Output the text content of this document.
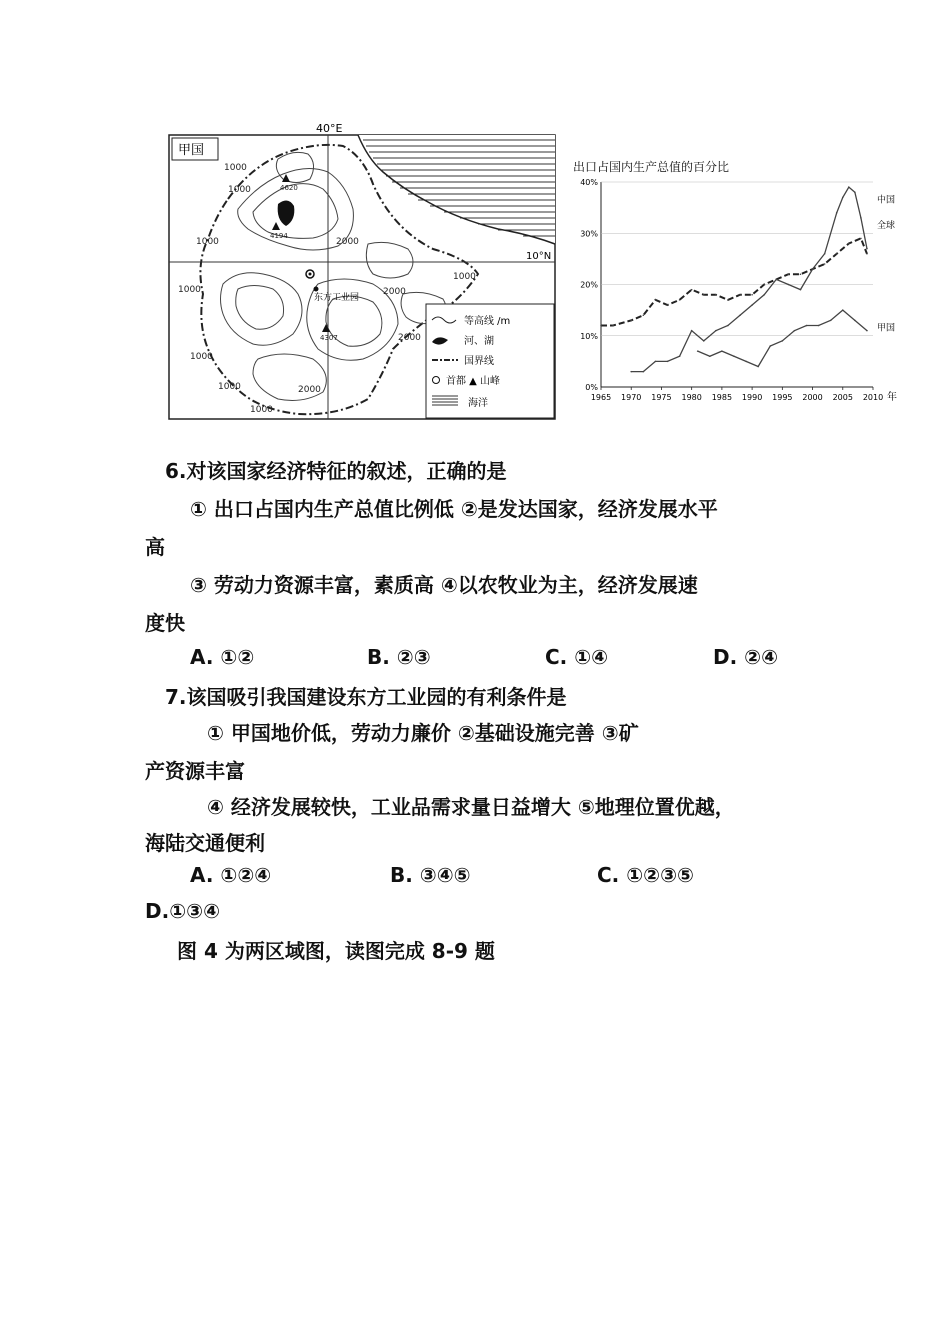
甲国
40°E
10°N
1000
1000
1000
1000
1000
1000
1000
2000
2000
2000
1000
2000
4620
4194
4307
东方工业园
等高线 /m
河、湖
国界线
首都 ▲ 山峰
海洋
出口占国内生产总值的百分比
0%
10%
20%
30%
40%
1965 1970 1975 1980 1985 1990 1995 2000 2005 2010 年
全球
中国
甲国
6.对该国家经济特征的叙述，正确的是
① 出口占国内生产总值比例低 ②是发达国家，经济发展水平
高
③ 劳动力资源丰富，素质高 ④以农牧业为主，经济发展速
度快
A. ①②	B. ②③	C. ①④	D. ②④
7.该国吸引我国建设东方工业园的有利条件是
① 甲国地价低，劳动力廉价 ②基础设施完善 ③矿
产资源丰富
④ 经济发展较快，工业品需求量日益增大 ⑤地理位置优越，
海陆交通便利
A. ①②④	B. ③④⑤	C. ①②③⑤
D.①③④
图 4 为两区域图，读图完成 8-9 题
